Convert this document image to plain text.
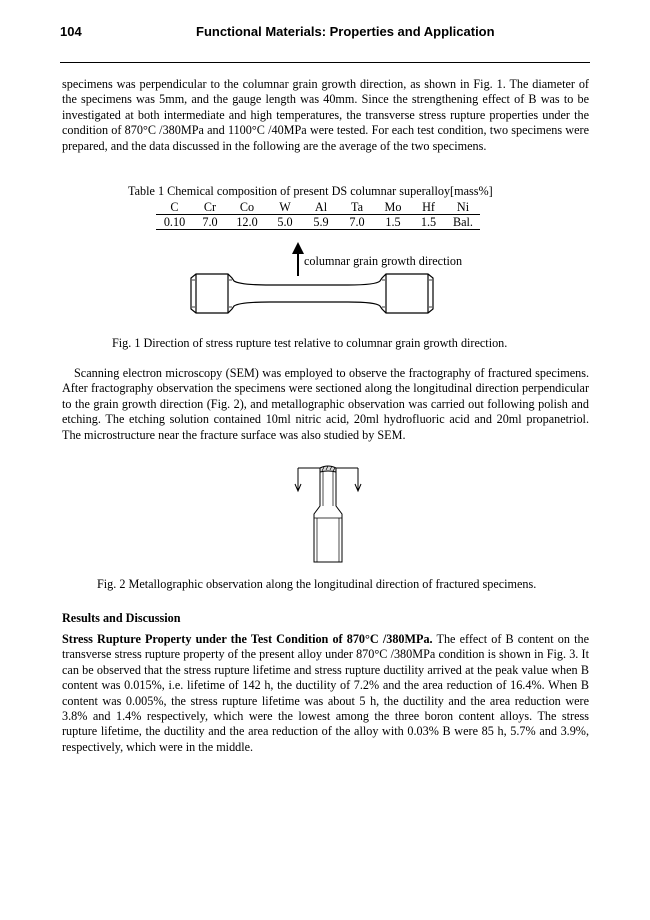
104	Functional Materials: Properties and Application

specimens was perpendicular to the columnar grain growth direction, as shown in Fig. 1. The diameter of the specimens was 5mm, and the gauge length was 40mm. Since the strengthening effect of B was to be investigated at both intermediate and high temperatures, the transverse stress rupture properties under the condition of 870°C /380MPa and 1100°C /40MPa were tested. For each test condition, two specimens were prepared, and the data discussed in the following are the average of the two specimens.

Table 1 Chemical composition of present DS columnar superalloy[mass%]
C	Cr	Co	W	Al	Ta	Mo	Hf	Ni
0.10	7.0	12.0	5.0	5.9	7.0	1.5	1.5	Bal.
columnar grain growth direction
Fig. 1 Direction of stress rupture test relative to columnar grain growth direction.

Scanning electron microscopy (SEM) was employed to observe the fractography of fractured specimens. After fractography observation the specimens were sectioned along the longitudinal direction perpendicular to the grain growth direction (Fig. 2), and metallographic observation was carried out following polish and etching. The etching solution contained 10ml nitric acid, 20ml hydrofluoric acid and 20ml propanetriol. The microstructure near the fracture surface was also studied by SEM.

Fig. 2 Metallographic observation along the longitudinal direction of fractured specimens.
Results and Discussion

Stress Rupture Property under the Test Condition of 870°C /380MPa. The effect of B content on the transverse stress rupture property of the present alloy under 870°C /380MPa condition is shown in Fig. 3. It can be observed that the stress rupture lifetime and stress rupture ductility arrived at the peak value when B content was 0.015%, i.e. lifetime of 142 h, the ductility of 7.2% and the area reduction of 16.4%. When B content was 0.005%, the stress rupture lifetime was about 5 h, the ductility and the area reduction were 3.8% and 1.4% respectively, which were the lowest among the three boron content alloys. The stress rupture lifetime, the ductility and the area reduction of the alloy with 0.03% B were 85 h, 5.7% and 3.9%, respectively, which were in the middle.
